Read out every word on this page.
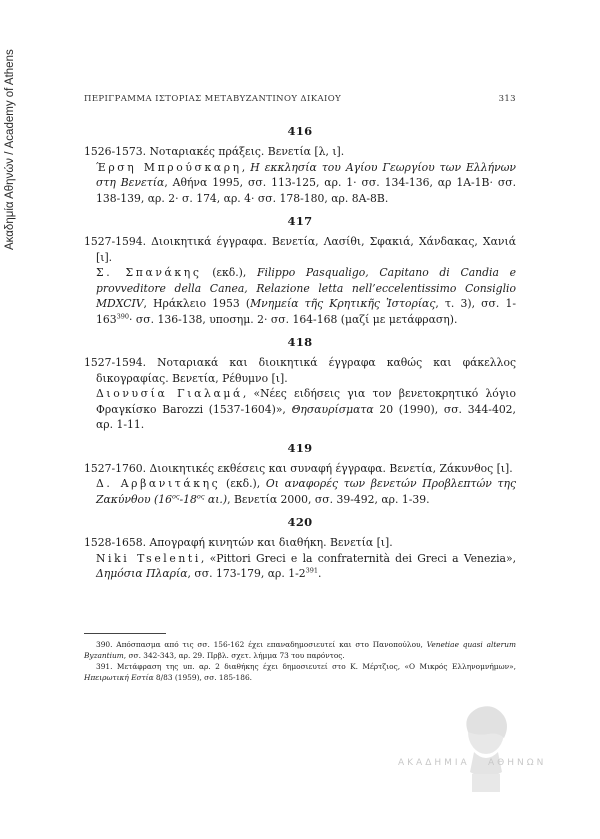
Ακαδημία Αθηνών / Academy of Athens	ΠΕΡΙΓΡΑΜΜΑ ΙΣΤΟΡΙΑΣ ΜΕΤΑΒΥΖΑΝΤΙΝΟΥ ΔΙΚΑΙΟΥ	313
416
1526-1573. Νοταριακές πράξεις. Βενετία [λ, ι].
Έρση Μπρούσκαρη, Η εκκλησία του Αγίου Γεωργίου των Ελλήνων στη Βενετία, Αθήνα 1995, σσ. 113-125, αρ. 1· σσ. 134-136, αρ 1Α-1Β· σσ. 138-139, αρ. 2· σ. 174, αρ. 4· σσ. 178-180, αρ. 8Α-8Β.
417
1527-1594. Διοικητικά έγγραφα. Βενετία, Λασίθι, Σφακιά, Χάνδακας, Χανιά [ι].
Σ. Σπανάκης (εκδ.), Filippo Pasqualigo, Capitano di Candia e provveditore della Canea, Relazione letta nell’eccelentissimo Consiglio MDXCIV, Ηράκλειο 1953 (Μνημεία τῆς Κρητικῆς Ἱστορίας, τ. 3), σσ. $1-163^{390}\cdot \sigma\sigma$. 136-138, υποσημ. 2· σσ. 164-168 (μαζί με μετάφραση).
418
1527-1594. Νοταριακά και διοικητικά έγγραφα καθώς και φάκελλος δικογραφίας. Βενετία, Ρέθυμνο [ι].
Διονυσία Γιαλαμά, «Νέες ειδήσεις για τον βενετοκρητικό λόγιο Φραγκίσκο Barozzi (1537-1604)», Θησαυρίσματα 20 (1990), σσ. 344-402, αρ. 1-11.
419
1527-1760. Διοικητικές εκθέσεις και συναφή έγγραφα. Βενετία, Ζάκυνθος [ι].
Δ. Αρβανιτάκης (εκδ.), Οι αναφορές των βενετών Προβλεπτών της Ζακύνθου ($16^{o\varsigma}-18^{o\varsigma}$ αι.), Βενετία 2000, σσ. 39-492, αρ. 1-39.
420
1528-1658. Απογραφή κινητών και διαθήκη. Βενετία [ι].
Niki Tselenti, «Pittori Greci e la confraternità dei Greci a Venezia», Δημόσια Πλαρία, σσ. 173-179, αρ. $1-2^{391}$.
390. Απόσπασμα από τις σσ. 156-162 έχει επαναδημοσιευτεί και στο Πανοπούλου, Venetiae quasi alterum Byzantium, σσ. 342-343, αρ. 29. Πρβλ. σχετ. λήμμα 73 του παρόντος.
391. Μετάφραση της υπ. αρ. 2 διαθήκης έχει δημοσιευτεί στο Κ. Μέρτζιος, «Ο Μικρός Ελληνομνήμων», Ηπειρωτική Εστία 8/83 (1959), σσ. 185-186.
ΑΚΑΔΗΜΙΑ ΑΘΗΝΩΝ
